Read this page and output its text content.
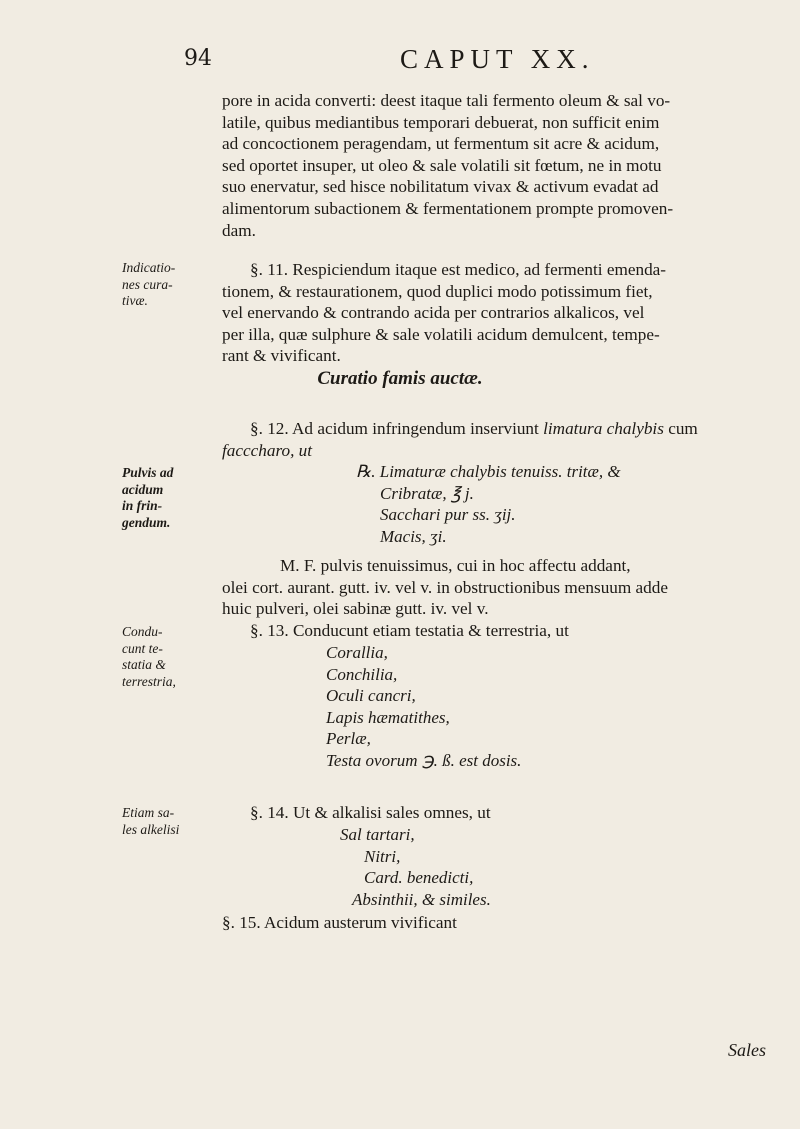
94	CAPUT XX.
pore in acida converti: deest itaque tali fermento oleum & sal vo-
latile, quibus mediantibus temporari debuerat, non sufficit enim
ad concoctionem peragendam, ut fermentum sit acre & acidum,
sed oportet insuper, ut oleo & sale volatili sit fœtum, ne in motu
suo enervatur, sed hisce nobilitatum vivax & activum evadat ad
alimentorum subactionem & fermentationem prompte promoven-
dam.
Indicatio-
nes cura-
tivæ.
§. 11. Respiciendum itaque est medico, ad fermenti emenda-
tionem, & restaurationem, quod duplici modo potissimum fiet,
vel enervando & contrando acida per contrarios alkalicos, vel
per illa, quæ sulphure & sale volatili acidum demulcent, tempe-
rant & vivificant.
Curatio famis auctæ.
§. 12. Ad acidum infringendum inserviunt limatura chalybis cum
facccharo, ut
Pulvis ad
acidum
in frin-
gendum.
℞. Limaturæ chalybis tenuiss. tritæ, &
Cribratæ, ℥ j.
Sacchari pur ss. ʒij.
Macis, ʒi.
M. F. pulvis tenuissimus, cui in hoc affectu addant,
olei cort. aurant. gutt. iv. vel v. in obstructionibus mensuum adde
huic pulveri, olei sabinæ gutt. iv. vel v.
Condu-
cunt te-
statia &
terrestria,
§. 13. Conducunt etiam testatia & terrestria, ut
Corallia,
Conchilia,
Oculi cancri,
Lapis hæmatithes,
Perlæ,
Testa ovorum ℈. ß. est dosis.
Etiam sa-
les alkelisi
§. 14. Ut & alkalisi sales omnes, ut
Sal tartari,
Nitri,
Card. benedicti,
Absinthii, & similes.
§. 15. Acidum austerum vivificant
Sales
